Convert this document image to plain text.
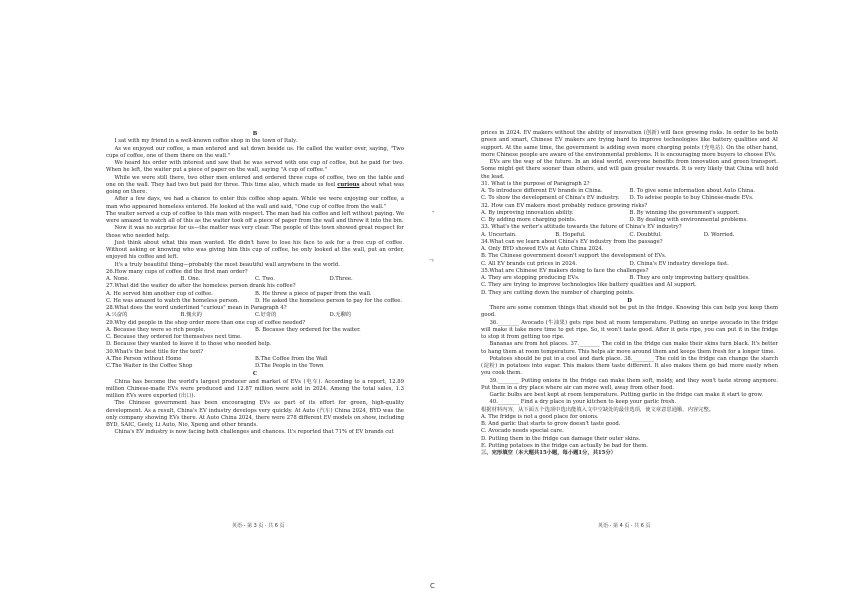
B

I sat with my friend in a well-known coffee shop in the town of Italy.

As we enjoyed our coffee, a man entered and sat down beside us. He called the waiter over, saying, "Two cups of coffee, one of them there on the wall."

We heard his order with interest and saw that he was served with one cup of coffee, but he paid for two. When he left, the waiter put a piece of paper on the wall, saying "A cup of coffee."

While we were still there, two other men entered and ordered three cups of coffee, two on the table and one on the wall. They had two but paid for three. This time also, which made us feel curious about what was going on there.

After a few days, we had a chance to enter this coffee shop again. While we were enjoying our coffee, a man who appeared homeless entered. He looked at the wall and said, "One cup of coffee from the wall."

The waiter served a cup of coffee to this man with respect. The man had his coffee and left without paying. We were amazed to watch all of this as the waiter took off a piece of paper from the wall and threw it into the bin.

Now it was no surprise for us—the matter was very clear. The people of this town showed great respect for those who needed help.

Just think about what this man wanted. He didn't have to lose his face to ask for a free cup of coffee. Without asking or knowing who was giving him this cup of coffee, he only looked at the wall, put an order, enjoyed his coffee and left.

It's a truly beautiful thing—probably the most beautiful wall anywhere in the world.

26.How many cups of coffee did the first man order?

A. None.	B. One.	C. Two.	D.Three.

27.What did the waiter do after the homeless person drank his coffee?

A. He served him another cup of coffee.	B. He threw a piece of paper from the wall.
C. He was amazed to watch the homeless person.	D. He asked the homeless person to pay for the coffee.

28.What does the word underlined "curious" mean in Paragraph 4?

A.兴奋的	B.愧火的	C.好奇的	D.无聊的

29.Why did people in the shop order more than one cup of coffee needed?

A. Because they were so rich people.	B. Because they ordered for the waiter.

C. Because they ordered for themselves next time.

D. Because they wanted to leave it to those who needed help.

30.What's the best title for the text?

A.The Person without Home	B.The Coffee from the Wall
C.The Waiter in the Coffee Shop	D.The People in the Town

C

China has become the world's largest producer and market of EVs (电车). According to a report, 12.89 million Chinese-made EVs were produced and 12.87 million were sold in 2024. Among the total sales, 1.3 million EVs were exported (出口).

The Chinese government has been encouraging EVs as part of its effort for green, high-quality development. As a result, China's EV industry develops very quickly. At Auto (汽车) China 2024, BYD was the only company showing EVs there. At Auto China 2024, there were 278 different EV models on show, including BYD, SAIC, Geely, Li Auto, Nio, Xpeng and other brands.

China's EV industry is now facing both challenges and chances. It's reported that 71% of EV brands cut

prices in 2024. EV makers without the ability of innovation (创新) will face growing risks. In order to be both green and smart, Chinese EV makers are trying hard to improve technologies like battery qualities and AI support. At the same time, the government is adding even more charging points (充电站). On the other hand, more Chinese people are aware of the environmental problems. It is encouraging more buyers to choose EVs.

EVs are the way of the future. In an ideal world, everyone benefits from innovation and green transport. Some might get there sooner than others, and will gain greater rewards. It is very likely that China will hold the lead.

31. What is the purpose of Paragraph 2?

A. To introduce different EV brands in China.	B. To give some information about Auto China.
C. To show the development of China's EV industry.	D. To advise people to buy Chinese-made EVs.

32. How can EV makers most probably reduce growing risks?

A. By improving innovation ability.	B. By winning the government's support.
C. By adding more charging points.	D. By dealing with environmental problems.

33. What's the writer's attitude towards the future of China's EV industry?

A. Uncertain.	B. Hopeful.	C. Doubtful.	D. Worried.

34.What can we learn about China's EV industry from the passage?

A. Only BYD showed EVs at Auto China 2024.

B. The Chinese government doesn't support the development of EVs.

C. All EV brands cut prices in 2024.	D. China's EV industry develops fast.

35.What are Chinese EV makers doing to face the challenges?

A. They are stopping producing EVs.	B. They are only improving battery qualities.

C. They are trying to improve technologies like battery qualities and AI support.

D. They are cutting down the number of charging points.

D

There are some common things that should not be put in the fridge. Knowing this can help you keep them good.

36.________ Avocado (牛油果) gets ripe best at room temperature. Putting an unripe avocado in the fridge will make it take more time to get ripe. So, it won't taste good. After it gets ripe, you can put it in the fridge to stop it from getting too ripe.

Bananas are from hot places. 37.________ The cold in the fridge can make their skins turn black. It's better to hang them at room temperature. This helps air move around them and keeps them fresh for a longer time.

Potatoes should be put in a cool and dark place. 38.________ The cold in the fridge can change the starch (淀粉) in potatoes into sugar. This makes them taste different. It also makes them go bad more easily when you cook them.

39.________ Putting onions in the fridge can make them soft, moldy, and they won't taste strong anymore. Put them in a dry place where air can move well, away from other food.

Garlic bulbs are best kept at room temperature. Putting garlic in the fridge can make it start to grow.

40.________ Find a dry place in your kitchen to keep your garlic fresh.

根据材料内容，从下面五个选项中选出能填入文中空缺处的最佳选项，使文章意思通顺、内容完整。

A. The fridge is not a good place for onions.

B. And garlic that starts to grow doesn't taste good.

C. Avocado needs special care.

D. Putting them in the fridge can damage their outer skins.

E. Putting potatoes in the fridge can actually be bad for them.

三、完形填空（本大题共15小题，每小题1分，共15分）

英语·- 第 3 页 · 共 6 页	英语·- 第 4 页 · 共 6 页
-
ᄀ
C
